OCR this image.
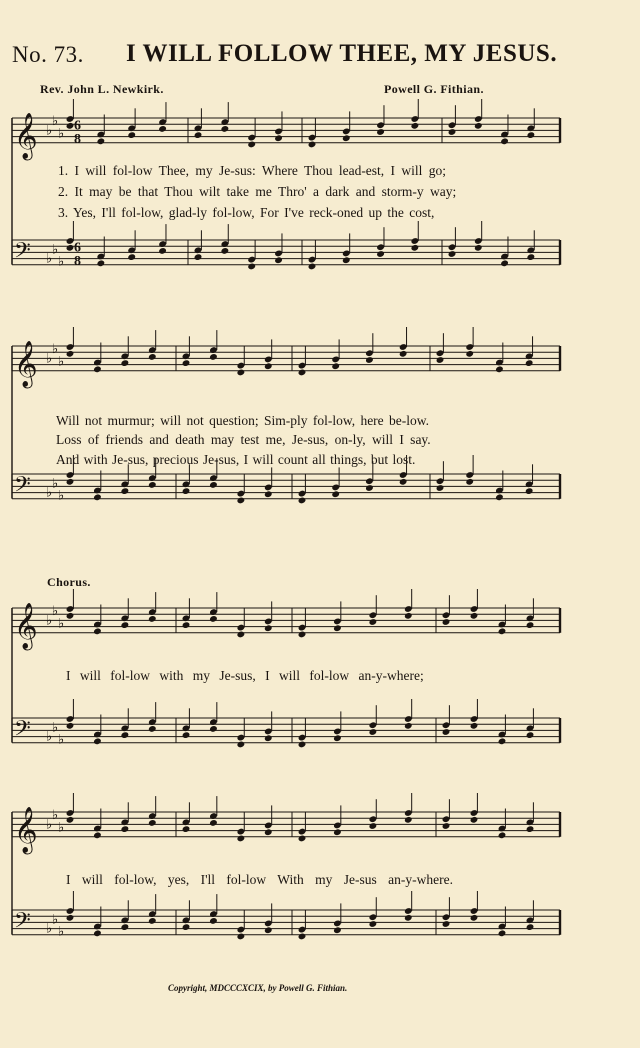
No. 73. I WILL FOLLOW THEE, MY JESUS.
Rev. John L. Newkirk.	Powell G. Fithian.
𝄞 ♭
♭
♭
𝄢 ♭
♭
♭
𝄞 ♭
♭
♭
𝄢 ♭
♭
♭
𝄞 ♭
♭
♭
𝄢 ♭
♭
♭
𝄞 ♭
♭
♭
𝄢 ♭
♭
♭
6
8
6
8
1. I will fol-low Thee, my Je-sus: Where Thou lead-est, I will go;
2. It may be that Thou wilt take me Thro' a dark and storm-y way;
3. Yes, I'll fol-low, glad-ly fol-low, For I've reck-oned up the cost,
Will not murmur; will not question; Sim-ply fol-low, here be-low.
Loss of friends and death may test me, Je-sus, on-ly, will I say.
And with Je-sus, precious Je-sus, I will count all things, but lost.
Chorus.
I will fol-low with my Je-sus, I will fol-low an-y-where;
I will fol-low, yes, I'll fol-low With my Je-sus an-y-where.
Copyright, MDCCCXCIX, by Powell G. Fithian.
